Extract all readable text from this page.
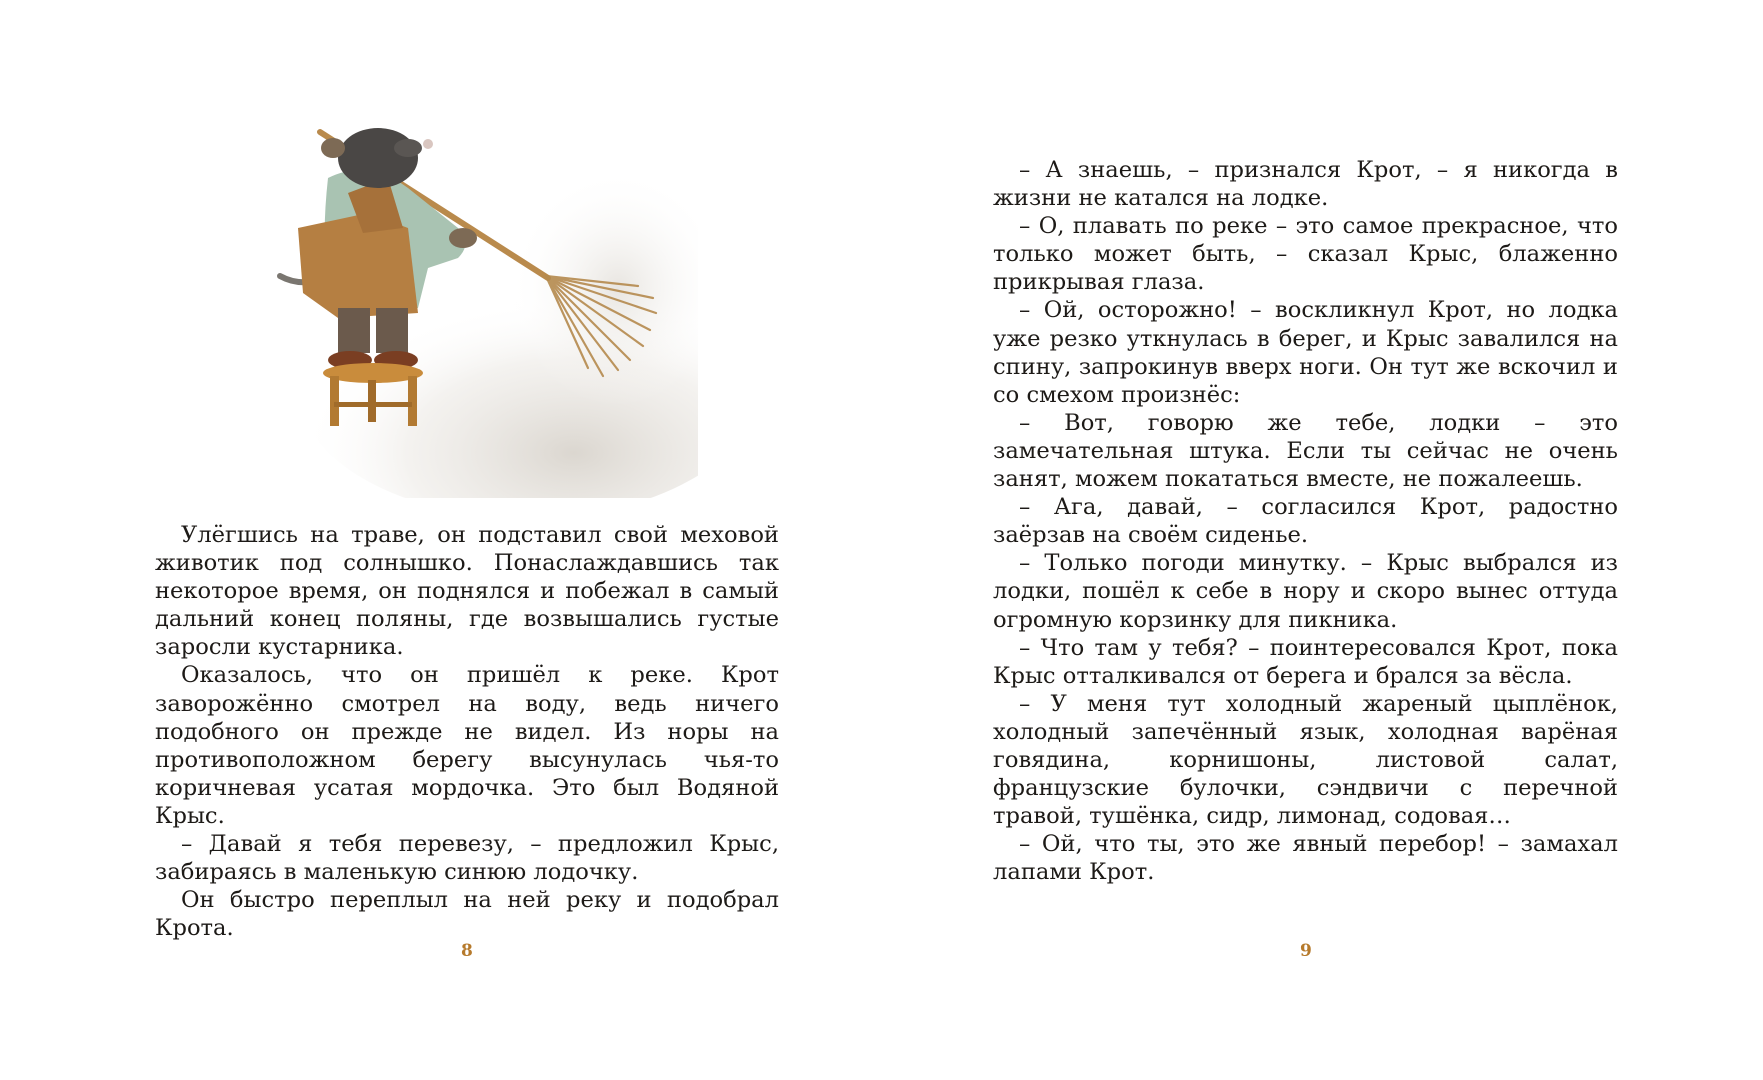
Улёгшись на траве, он подставил свой меховой животик под солнышко. Понаслаждавшись так некоторое время, он поднялся и побежал в самый дальний конец поляны, где возвышались густые заросли кустарника.

Оказалось, что он пришёл к реке. Крот заворожённо смотрел на воду, ведь ничего подобного он прежде не видел. Из норы на противоположном берегу высунулась чья-то коричневая усатая мордочка. Это был Водяной Крыс.

– Давай я тебя перевезу, – предложил Крыс, забираясь в маленькую синюю лодочку.

Он быстро переплыл на ней реку и подобрал Крота.

8

– А знаешь, – признался Крот, – я никогда в жизни не катался на лодке.

– О, плавать по реке – это самое прекрасное, что только может быть, – сказал Крыс, блаженно прикрывая глаза.

– Ой, осторожно! – воскликнул Крот, но лодка уже резко уткнулась в берег, и Крыс завалился на спину, запрокинув вверх ноги. Он тут же вскочил и со смехом произнёс:

– Вот, говорю же тебе, лодки – это замечательная штука. Если ты сейчас не очень занят, можем покататься вместе, не пожалеешь.

– Ага, давай, – согласился Крот, радостно заёрзав на своём сиденье.

– Только погоди минутку. – Крыс выбрался из лодки, пошёл к себе в нору и скоро вынес оттуда огромную корзинку для пикника.

– Что там у тебя? – поинтересовался Крот, пока Крыс отталкивался от берега и брался за вёсла.

– У меня тут холодный жареный цыплёнок, холодный запечённый язык, холодная варёная говядина, корнишоны, листовой салат, французские булочки, сэндвичи с перечной травой, тушёнка, сидр, лимонад, содовая…

– Ой, что ты, это же явный перебор! – замахал лапами Крот.

9
